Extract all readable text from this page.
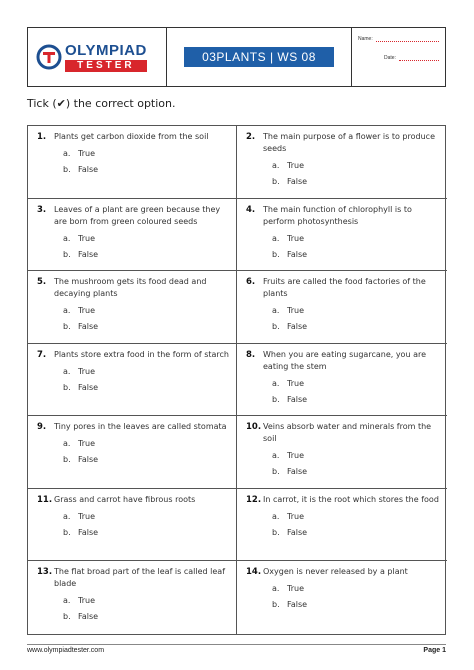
OLYMPIAD
TESTER
03PLANTS | WS 08
Name:
Date:
Tick (✔) the correct option.
1. Plants get carbon dioxide from the soil
a. True
b. False
2. The main purpose of a flower is to produce seeds
a. True
b. False
3. Leaves of a plant are green because they are born from green coloured seeds
a. True
b. False
4. The main function of chlorophyll is to perform photosynthesis
a. True
b. False
5. The mushroom gets its food dead and decaying plants
a. True
b. False
6. Fruits are called the food factories of the plants
a. True
b. False
7. Plants store extra food in the form of starch
a. True
b. False
8. When you are eating sugarcane, you are eating the stem
a. True
b. False
9. Tiny pores in the leaves are called stomata
a. True
b. False
10. Veins absorb water and minerals from the soil
a. True
b. False
11. Grass and carrot have fibrous roots
a. True
b. False
12. In carrot, it is the root which stores the food
a. True
b. False
13. The flat broad part of the leaf is called leaf blade
a. True
b. False
14. Oxygen is never released by a plant
a. True
b. False
www.olympiadtester.com	Page 1
